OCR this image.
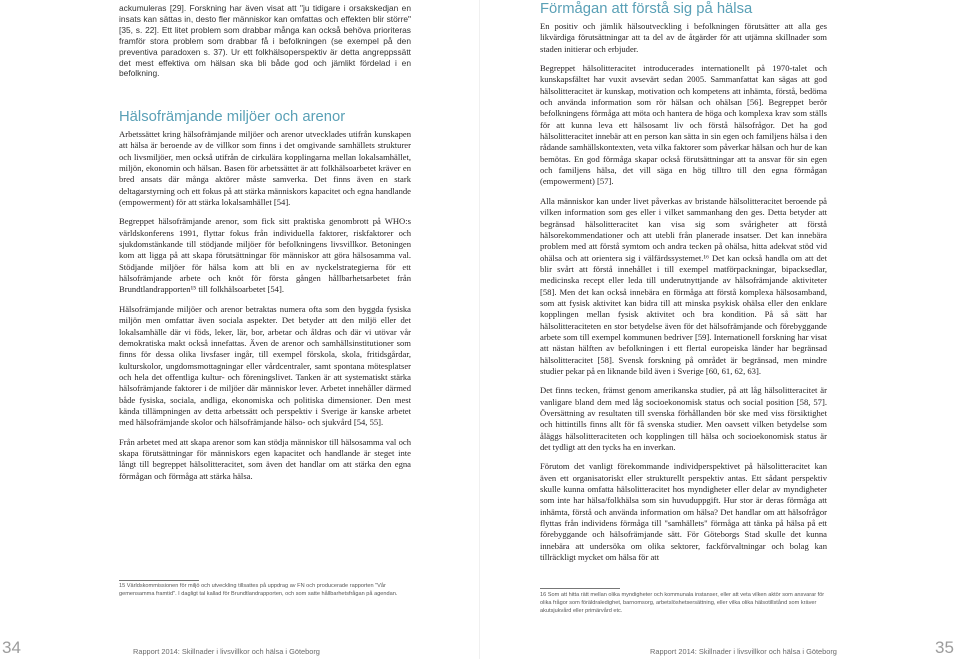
ackumuleras [29]. Forskning har även visat att "ju tidigare i orsakskedjan en insats kan sättas in, desto fler människor kan omfattas och effekten blir större" [35, s. 22]. Ett litet problem som drabbar många kan också behöva prioriteras framför stora problem som drabbar få i befolkningen (se exempel på den preventiva paradoxen s. 37). Ur ett folkhälsoperspektiv är detta angreppssätt det mest effektiva om hälsan ska bli både god och jämlikt fördelad i en befolkning.

Hälsofrämjande miljöer och arenor

Arbetssättet kring hälsofrämjande miljöer och arenor utvecklades utifrån kunskapen att hälsa är beroende av de villkor som finns i det omgivande samhällets strukturer och livsmiljöer, men också utifrån de cirkulära kopplingarna mellan lokalsamhället, miljön, ekonomin och hälsan. Basen för arbetssättet är att folkhälsoarbetet kräver en bred ansats där många aktörer måste samverka. Det finns även en stark deltagarstyrning och ett fokus på att stärka människors kapacitet och egna handlande (empowerment) för att stärka lokalsamhället [54].

Begreppet hälsofrämjande arenor, som fick sitt praktiska genombrott på WHO:s världskonferens 1991, flyttar fokus från individuella faktorer, riskfaktorer och sjukdomstänkande till stödjande miljöer för befolkningens livsvillkor. Betoningen kom att ligga på att skapa förutsättningar för människor att göra hälsosamma val. Stödjande miljöer för hälsa kom att bli en av nyckelstrategierna för ett hälsofrämjande arbete och knöt för första gången hållbarhetsarbetet från Brundtlandrapporten¹⁵ till folkhälsoarbetet [54].

Hälsofrämjande miljöer och arenor betraktas numera ofta som den byggda fysiska miljön men omfattar även sociala aspekter. Det betyder att den miljö eller det lokalsamhälle där vi föds, leker, lär, bor, arbetar och åldras och där vi utövar vår demokratiska makt också innefattas. Även de arenor och samhällsinstitutioner som finns för dessa olika livsfaser ingår, till exempel förskola, skola, fritidsgårdar, kulturskolor, ungdomsmottagningar eller vårdcentraler, samt spontana mötesplatser och hela det offentliga kultur- och föreningslivet. Tanken är att systematiskt stärka hälsofrämjande faktorer i de miljöer där människor lever. Arbetet innehåller därmed både fysiska, sociala, andliga, ekonomiska och politiska dimensioner. Den mest kända tillämpningen av detta arbetssätt och perspektiv i Sverige är kanske arbetet med hälsofrämjande skolor och hälsofrämjande hälso- och sjukvård [54, 55].

Från arbetet med att skapa arenor som kan stödja människor till hälsosamma val och skapa förutsättningar för människors egen kapacitet och handlande är steget inte långt till begreppet hälsolitteracitet, som även det handlar om att stärka den egna förmågan och förmåga att stärka hälsa.

15 Världskommissionen för miljö och utveckling tillsattes på uppdrag av FN och producerade rapporten "Vår gemensamma framtid". I dagligt tal kallad för Brundtlandrapporten, och som satte hållbarhetsfrågan på agendan.

34	Rapport 2014: Skillnader i livsvillkor och hälsa i Göteborg
Förmågan att förstå sig på hälsa

En positiv och jämlik hälsoutveckling i befolkningen förutsätter att alla ges likvärdiga förutsättningar att ta del av de åtgärder för att utjämna skillnader som staden initierar och erbjuder.

Begreppet hälsolitteracitet introducerades internationellt på 1970-talet och kunskapsfältet har vuxit avsevärt sedan 2005. Sammanfattat kan sägas att god hälsolitteracitet är kunskap, motivation och kompetens att inhämta, förstå, bedöma och använda information som rör hälsan och ohälsan [56]. Begreppet berör befolkningens förmåga att möta och hantera de höga och komplexa krav som ställs för att kunna leva ett hälsosamt liv och förstå hälsofrågor. Det ha god hälsolitteracitet innebär att en person kan sätta in sin egen och familjens hälsa i den rådande samhällskontexten, veta vilka faktorer som påverkar hälsan och hur de kan bemötas. En god förmåga skapar också förutsättningar att ta ansvar för sin egen och familjens hälsa, det vill säga en hög tilltro till den egna förmågan (empowerment) [57].

Alla människor kan under livet påverkas av bristande hälsolitteracitet beroende på vilken information som ges eller i vilket sammanhang den ges. Detta betyder att begränsad hälsolitteracitet kan visa sig som svårigheter att förstå hälsorekommendationer och att utebli från planerade insatser. Det kan innebära problem med att förstå symtom och andra tecken på ohälsa, hitta adekvat stöd vid ohälsa och att orientera sig i välfärdssystemet.¹⁶ Det kan också handla om att det blir svårt att förstå innehållet i till exempel matförpackningar, bipacksedlar, medicinska recept eller leda till underutnyttjande av hälsofrämjande aktiviteter [58]. Men det kan också innebära en förmåga att förstå komplexa hälsosamband, som att fysisk aktivitet kan bidra till att minska psykisk ohälsa eller den enklare kopplingen mellan fysisk aktivitet och bra kondition. På så sätt har hälsolitteraciteten en stor betydelse även för det hälsofrämjande och förebyggande arbete som till exempel kommunen bedriver [59]. Internationell forskning har visat att nästan hälften av befolkningen i ett flertal europeiska länder har begränsad hälsolitteracitet [58]. Svensk forskning på området är begränsad, men mindre studier pekar på en liknande bild även i Sverige [60, 61, 62, 63].

Det finns tecken, främst genom amerikanska studier, på att låg hälsolitteracitet är vanligare bland dem med låg socioekonomisk status och social position [58, 57]. Översättning av resultaten till svenska förhållanden bör ske med viss försiktighet och hittintills finns allt för få svenska studier. Men oavsett vilken betydelse som åläggs hälsolitteraciteten och kopplingen till hälsa och socioekonomisk status är det tydligt att den tycks ha en inverkan.

Förutom det vanligt förekommande individperspektivet på hälsolitteracitet kan även ett organisatoriskt eller strukturellt perspektiv antas. Ett sådant perspektiv skulle kunna omfatta hälsolitteracitet hos myndigheter eller delar av myndigheter som inte har hälsa/folkhälsa som sin huvuduppgift. Hur stor är deras förmåga att inhämta, förstå och använda information om hälsa? Det handlar om att hälsofrågor flyttas från individens förmåga till "samhällets" förmåga att tänka på hälsa på ett förebyggande och hälsofrämjande sätt. För Göteborgs Stad skulle det kunna innebära att undersöka om olika sektorer, fackförvaltningar och bolag kan tillräckligt mycket om hälsa för att

16 Som att hitta rätt mellan olika myndigheter och kommunala instanser, eller att veta vilken aktör som ansvarar för olika frågor som föräldraledighet, barnomsorg, arbetslöshetsersättning, eller vilka olika hälsotillstånd som kräver akutsjukvård eller primärvård etc.

Rapport 2014: Skillnader i livsvillkor och hälsa i Göteborg	35
